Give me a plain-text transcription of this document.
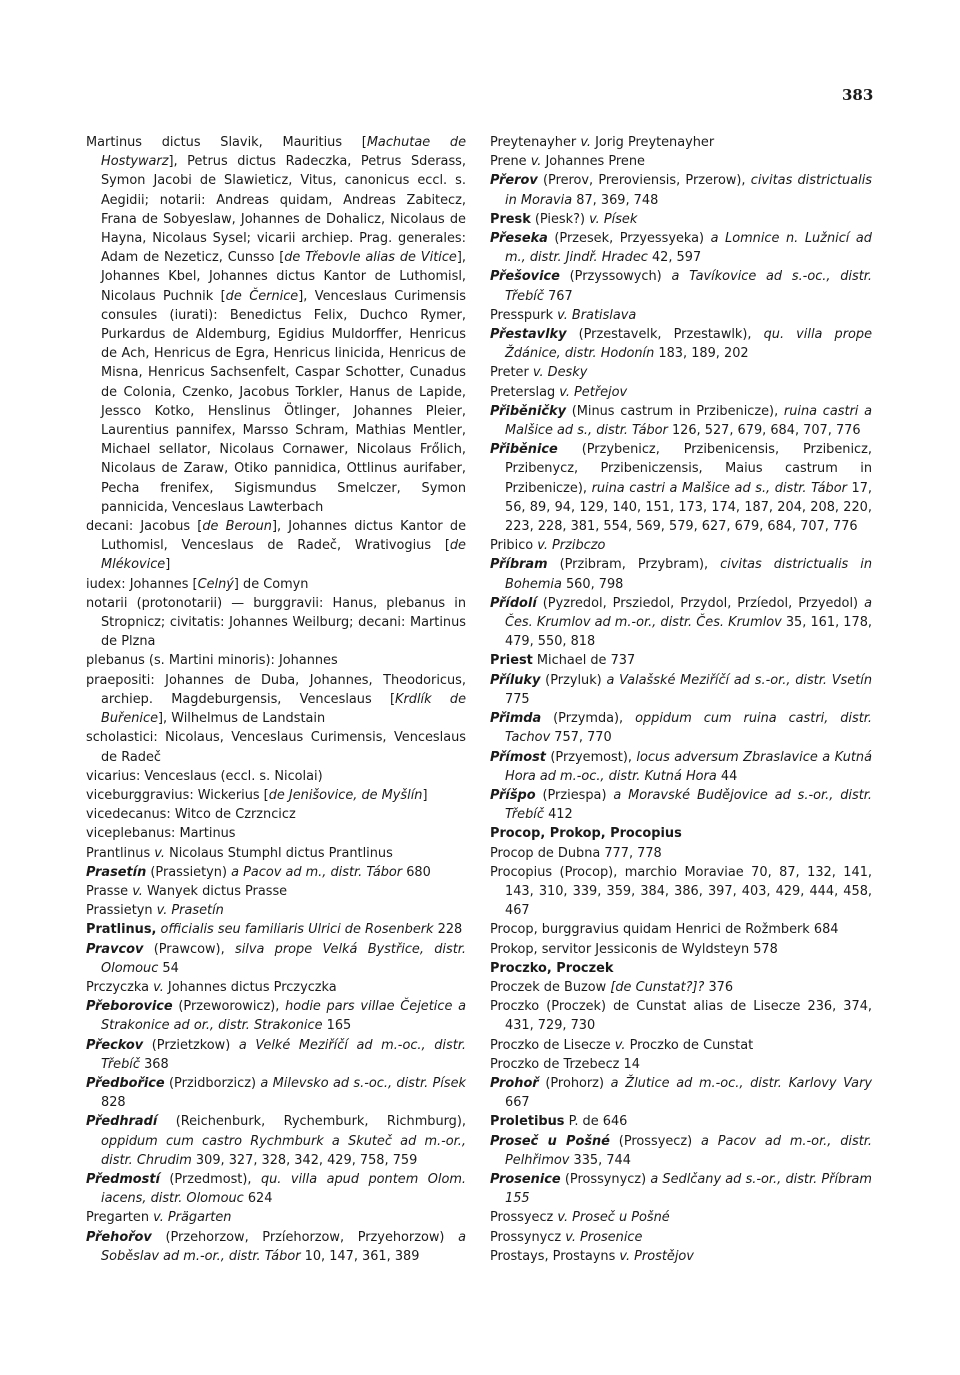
383
Martinus dictus Slavik, Mauritius [Machutae de Hostywarz], Petrus dictus Radeczka, Petrus Sderass, Symon Jacobi de Slawieticz, Vitus, canonicus eccl. s. Aegidii; notarii: Andreas quidam, Andreas Zabitecz, Frana de Sobyeslaw, Johannes de Dohalicz, Nicolaus de Hayna, Nicolaus Sysel; vicarii archiep. Prag. generales: Adam de Nezeticz, Cunsso [de Třebovle alias de Vitice], Johannes Kbel, Johannes dictus Kantor de Luthomisl, Nicolaus Puchnik [de Černice], Venceslaus Curimensis consules (iurati): Benedictus Felix, Duchco Rymer, Purkardus de Aldemburg, Egidius Muldorffer, Henricus de Ach, Henricus de Egra, Henricus linicida, Henricus de Misna, Henricus Sachsenfelt, Caspar Schotter, Cunadus de Colonia, Czenko, Jacobus Torkler, Hanus de Lapide, Jessco Kotko, Henslinus Ötlinger, Johannes Pleier, Laurentius pannifex, Marsso Schram, Mathias Mentler, Michael sellator, Nicolaus Cornawer, Nicolaus Frőlich, Nicolaus de Zaraw, Otiko pannidica, Ottlinus aurifaber, Pecha frenifex, Sigismundus Smelczer, Symon pannicida, Venceslaus Lawterbach
decani: Jacobus [de Beroun], Johannes dictus Kantor de Luthomisl, Venceslaus de Radeč, Wrativogius [de Mlékovice]
iudex: Johannes [Celný] de Comyn
notarii (protonotarii) — burggravii: Hanus, plebanus in Stropnicz; civitatis: Johannes Weilburg; decani: Martinus de Plzna
plebanus (s. Martini minoris): Johannes
praepositi: Johannes de Duba, Johannes, Theodoricus, archiep. Magdeburgensis, Venceslaus [Krdlík de Buřenice], Wilhelmus de Landstain
scholastici: Nicolaus, Venceslaus Curimensis, Venceslaus de Radeč
vicarius: Venceslaus (eccl. s. Nicolai)
viceburggravius: Wickerius [de Jenišovice, de Myšlín]
vicedecanus: Witco de Czrzncicz
viceplebanus: Martinus
Prantlinus v. Nicolaus Stumphl dictus Prantlinus
Prasetín (Prassietyn) a Pacov ad m., distr. Tábor 680
Prasse v. Wanyek dictus Prasse
Prassietyn v. Prasetín
Pratlinus, officialis seu familiaris Ulrici de Rosenberk 228
Pravcov (Prawcow), silva prope Velká Bystřice, distr. Olomouc 54
Prczyczka v. Johannes dictus Prczyczka
Přeborovice (Przeworowicz), hodie pars villae Čejetice a Strakonice ad or., distr. Strakonice 165
Přeckov (Przietzkow) a Velké Meziříčí ad m.-oc., distr. Třebíč 368
Předbořice (Przidborzicz) a Milevsko ad s.-oc., distr. Písek 828
Předhradí (Reichenburk, Rychemburk, Richmburg), oppidum cum castro Rychmburk a Skuteč ad m.-or., distr. Chrudim 309, 327, 328, 342, 429, 758, 759
Předmostí (Przedmost), qu. villa apud pontem Olom. iacens, distr. Olomouc 624
Pregarten v. Prägarten
Přehořov (Przehorzow, Przíehorzow, Przyehorzow) a Soběslav ad m.-or., distr. Tábor 10, 147, 361, 389
Preytenayher v. Jorig Preytenayher
Prene v. Johannes Prene
Přerov (Prerov, Preroviensis, Przerow), civitas districtualis in Moravia 87, 369, 748
Presk (Piesk?) v. Písek
Přeseka (Przesek, Przyessyeka) a Lomnice n. Lužnicí ad m., distr. Jindř. Hradec 42, 597
Přešovice (Przyssowych) a Tavíkovice ad s.-oc., distr. Třebíč 767
Presspurk v. Bratislava
Přestavlky (Przestavelk, Przestawlk), qu. villa prope Ždánice, distr. Hodonín 183, 189, 202
Preter v. Desky
Preterslag v. Petřejov
Přiběničky (Minus castrum in Przibenicze), ruina castri a Malšice ad s., distr. Tábor 126, 527, 679, 684, 707, 776
Přiběnice (Przybenicz, Przibenicensis, Przibenicz, Przibenycz, Przibeniczensis, Maius castrum in Przibenicze), ruina castri a Malšice ad s., distr. Tábor 17, 56, 89, 94, 129, 140, 151, 173, 174, 187, 204, 208, 220, 223, 228, 381, 554, 569, 579, 627, 679, 684, 707, 776
Pribico v. Przibczo
Příbram (Przibram, Przybram), civitas districtualis in Bohemia 560, 798
Přídolí (Pyzredol, Prsziedol, Przydol, Przíedol, Przyedol) a Čes. Krumlov ad m.-or., distr. Čes. Krumlov 35, 161, 178, 479, 550, 818
Priest Michael de 737
Příluky (Przyluk) a Valašské Meziříčí ad s.-or., distr. Vsetín 775
Přimda (Przymda), oppidum cum ruina castri, distr. Tachov 757, 770
Přímost (Przyemost), locus adversum Zbraslavice a Kutná Hora ad m.-oc., distr. Kutná Hora 44
Příšpo (Prziespa) a Moravské Budějovice ad s.-or., distr. Třebíč 412
Procop, Prokop, Procopius
Procop de Dubna 777, 778
Procopius (Procop), marchio Moraviae 70, 87, 132, 141, 143, 310, 339, 359, 384, 386, 397, 403, 429, 444, 458, 467
Procop, burggravius quidam Henrici de Rožmberk 684
Prokop, servitor Jessiconis de Wyldsteyn 578
Proczko, Proczek
Proczek de Buzow [de Cunstat?]? 376
Proczko (Proczek) de Cunstat alias de Lisecze 236, 374, 431, 729, 730
Proczko de Lisecze v. Proczko de Cunstat
Proczko de Trzebecz 14
Prohoř (Prohorz) a Žlutice ad m.-oc., distr. Karlovy Vary 667
Proletibus P. de 646
Proseč u Pošné (Prossyecz) a Pacov ad m.-or., distr. Pelhřimov 335, 744
Prosenice (Prossynycz) a Sedlčany ad s.-or., distr. Příbram 155
Prossyecz v. Proseč u Pošné
Prossynycz v. Prosenice
Prostays, Prostayns v. Prostějov
